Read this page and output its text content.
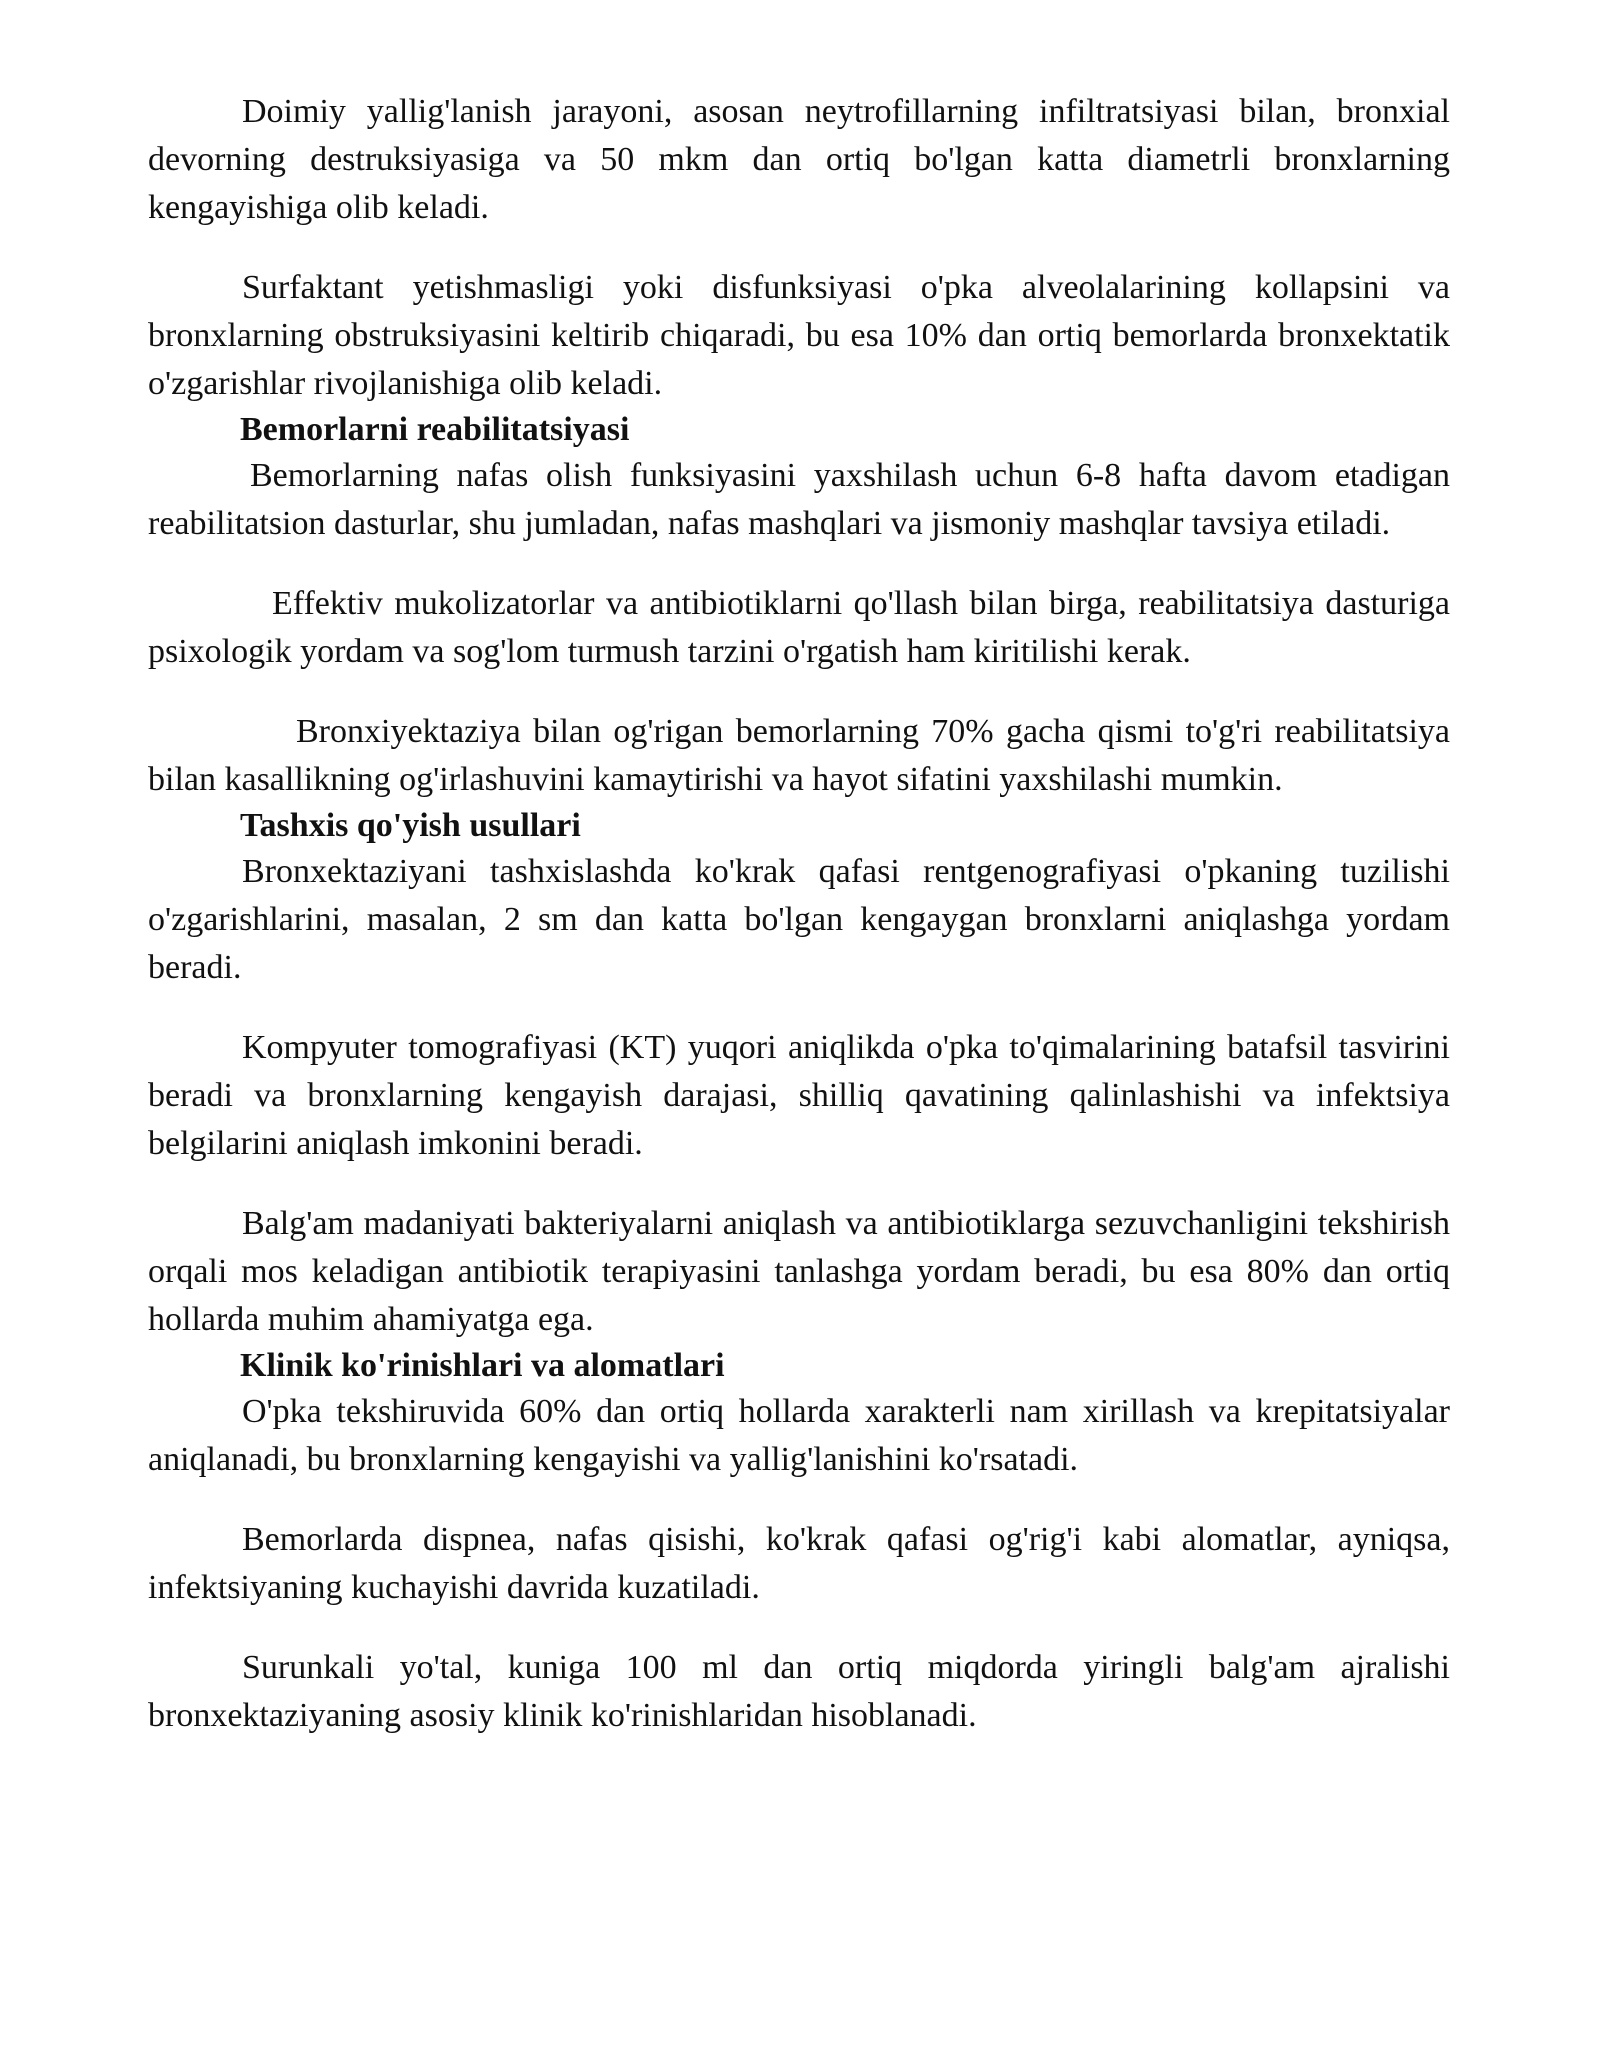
Doimiy yallig'lanish jarayoni, asosan neytrofillarning infiltratsiyasi bilan, bronxial devorning destruksiyasiga va 50 mkm dan ortiq bo'lgan katta diametrli bronxlarning kengayishiga olib keladi.

Surfaktant yetishmasligi yoki disfunksiyasi o'pka alveolalarining kollapsini va bronxlarning obstruksiyasini keltirib chiqaradi, bu esa 10% dan ortiq bemorlarda bronxektatik o'zgarishlar rivojlanishiga olib keladi.

Bemorlarni reabilitatsiyasi

Bemorlarning nafas olish funksiyasini yaxshilash uchun 6-8 hafta davom etadigan reabilitatsion dasturlar, shu jumladan, nafas mashqlari va jismoniy mashqlar tavsiya etiladi.

Effektiv mukolizatorlar va antibiotiklarni qo'llash bilan birga, reabilitatsiya dasturiga psixologik yordam va sog'lom turmush tarzini o'rgatish ham kiritilishi kerak.

Bronxiyektaziya bilan og'rigan bemorlarning 70% gacha qismi to'g'ri reabilitatsiya bilan kasallikning og'irlashuvini kamaytirishi va hayot sifatini yaxshilashi mumkin.

Tashxis qo'yish usullari

Bronxektaziyani tashxislashda ko'krak qafasi rentgenografiyasi o'pkaning tuzilishi o'zgarishlarini, masalan, 2 sm dan katta bo'lgan kengaygan bronxlarni aniqlashga yordam beradi.

Kompyuter tomografiyasi (KT) yuqori aniqlikda o'pka to'qimalarining batafsil tasvirini beradi va bronxlarning kengayish darajasi, shilliq qavatining qalinlashishi va infektsiya belgilarini aniqlash imkonini beradi.

Balg'am madaniyati bakteriyalarni aniqlash va antibiotiklarga sezuvchanligini tekshirish orqali mos keladigan antibiotik terapiyasini tanlashga yordam beradi, bu esa 80% dan ortiq hollarda muhim ahamiyatga ega.

Klinik ko'rinishlari va alomatlari

O'pka tekshiruvida 60% dan ortiq hollarda xarakterli nam xirillash va krepitatsiyalar aniqlanadi, bu bronxlarning kengayishi va yallig'lanishini ko'rsatadi.

Bemorlarda dispnea, nafas qisishi, ko'krak qafasi og'rig'i kabi alomatlar, ayniqsa, infektsiyaning kuchayishi davrida kuzatiladi.

Surunkali yo'tal, kuniga 100 ml dan ortiq miqdorda yiringli balg'am ajralishi bronxektaziyaning asosiy klinik ko'rinishlaridan hisoblanadi.
